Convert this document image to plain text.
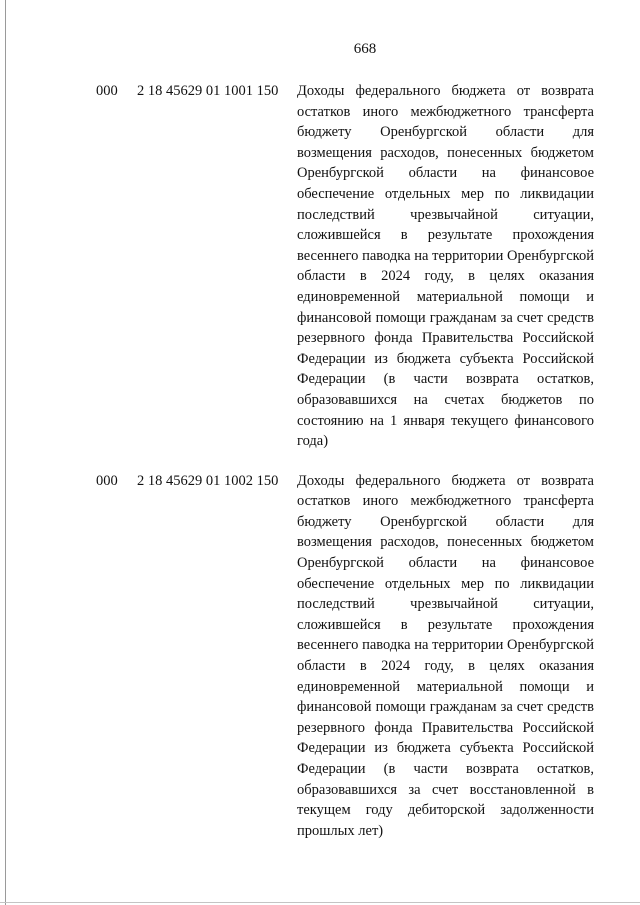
668
000 2 18 45629 01 1001 150 Доходы федерального бюджета от возврата остатков иного межбюджетного трансферта бюджету Оренбургской области для возмещения расходов, понесенных бюджетом Оренбургской области на финансовое обеспечение отдельных мер по ликвидации последствий чрезвычайной ситуации, сложившейся в результате прохождения весеннего паводка на территории Оренбургской области в 2024 году, в целях оказания единовременной материальной помощи и финансовой помощи гражданам за счет средств резервного фонда Правительства Российской Федерации из бюджета субъекта Российской Федерации (в части возврата остатков, образовавшихся на счетах бюджетов по состоянию на 1 января текущего финансового года)
000 2 18 45629 01 1002 150 Доходы федерального бюджета от возврата остатков иного межбюджетного трансферта бюджету Оренбургской области для возмещения расходов, понесенных бюджетом Оренбургской области на финансовое обеспечение отдельных мер по ликвидации последствий чрезвычайной ситуации, сложившейся в результате прохождения весеннего паводка на территории Оренбургской области в 2024 году, в целях оказания единовременной материальной помощи и финансовой помощи гражданам за счет средств резервного фонда Правительства Российской Федерации из бюджета субъекта Российской Федерации (в части возврата остатков, образовавшихся за счет восстановленной в текущем году дебиторской задолженности прошлых лет)
